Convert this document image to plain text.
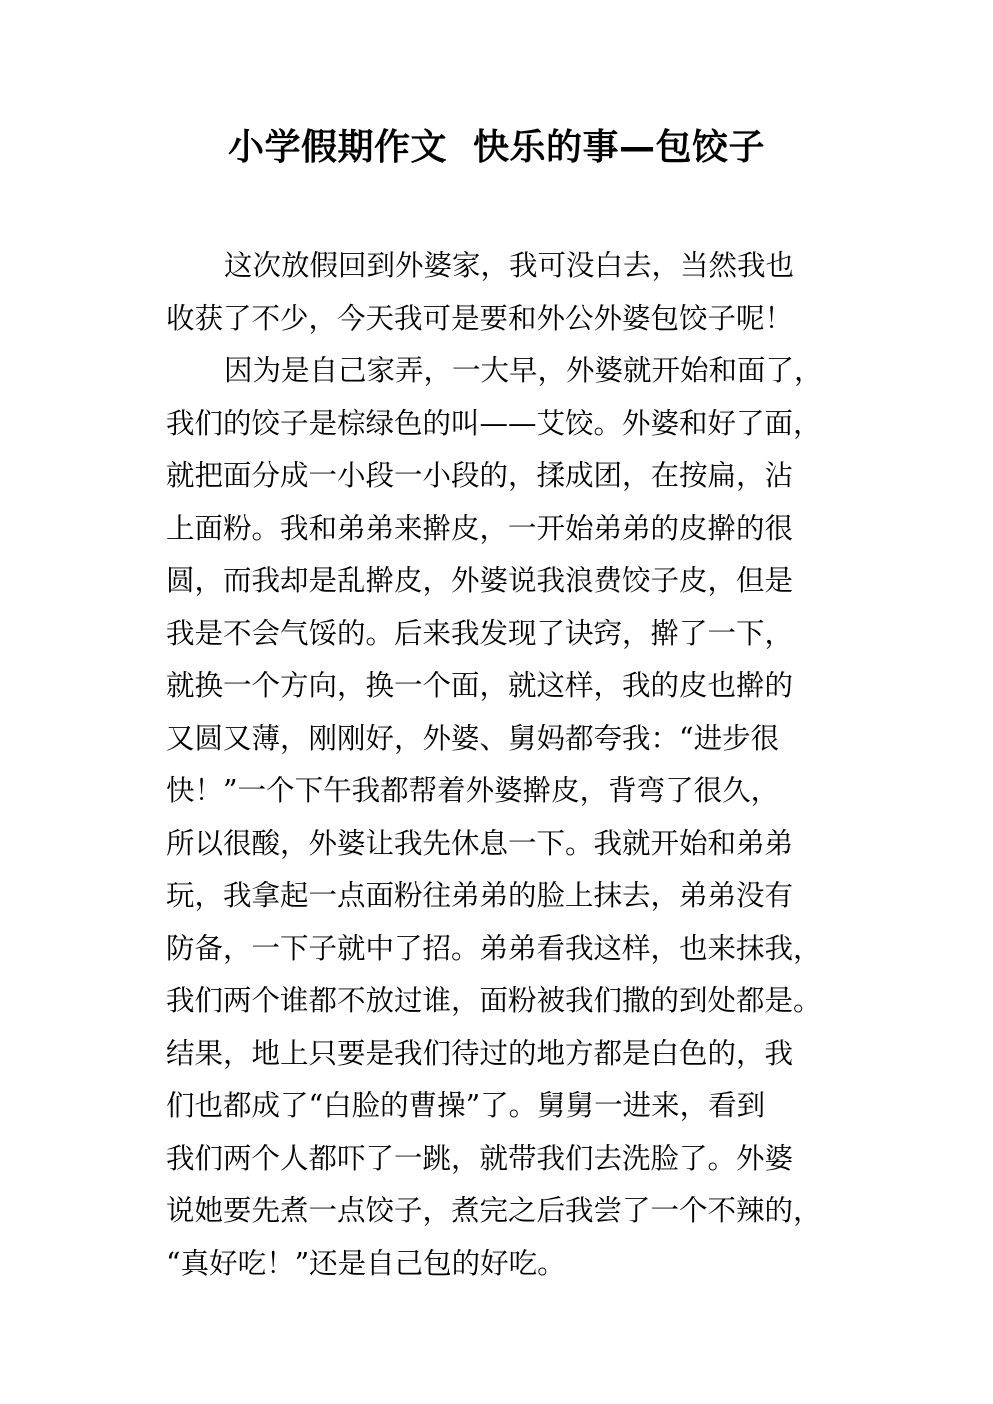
小学假期作文  快乐的事—包饺子
这次放假回到外婆家，我可没白去，当然我也
收获了不少，今天我可是要和外公外婆包饺子呢！
因为是自己家弄，一大早，外婆就开始和面了，
我们的饺子是棕绿色的叫——艾饺。外婆和好了面，
就把面分成一小段一小段的，揉成团，在按扁，沾
上面粉。我和弟弟来擀皮，一开始弟弟的皮擀的很
圆，而我却是乱擀皮，外婆说我浪费饺子皮，但是
我是不会气馁的。后来我发现了诀窍，擀了一下，
就换一个方向，换一个面，就这样，我的皮也擀的
又圆又薄，刚刚好，外婆、舅妈都夸我：“进步很
快！”一个下午我都帮着外婆擀皮，背弯了很久，
所以很酸，外婆让我先休息一下。我就开始和弟弟
玩，我拿起一点面粉往弟弟的脸上抹去，弟弟没有
防备，一下子就中了招。弟弟看我这样，也来抹我，
我们两个谁都不放过谁，面粉被我们撒的到处都是。
结果，地上只要是我们待过的地方都是白色的，我
们也都成了“白脸的曹操”了。舅舅一进来，看到
我们两个人都吓了一跳，就带我们去洗脸了。外婆
说她要先煮一点饺子，煮完之后我尝了一个不辣的，
“真好吃！”还是自己包的好吃。
